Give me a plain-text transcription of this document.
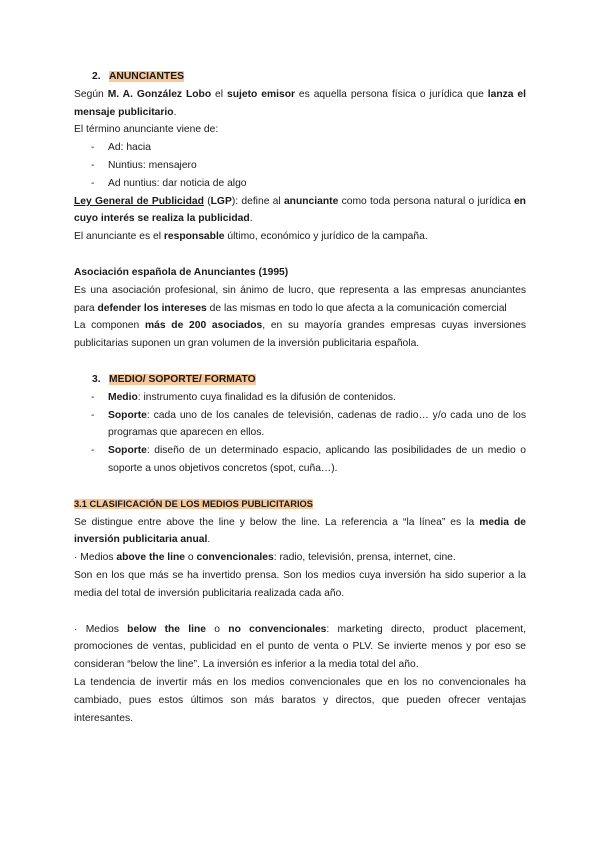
2. ANUNCIANTES

Según M. A. González Lobo el sujeto emisor es aquella persona física o jurídica que lanza el mensaje publicitario.

El término anunciante viene de:

- Ad: hacia
- Nuntius: mensajero
- Ad nuntius: dar noticia de algo

Ley General de Publicidad (LGP): define al anunciante como toda persona natural o jurídica en cuyo interés se realiza la publicidad.

El anunciante es el responsable último, económico y jurídico de la campaña.

Asociación española de Anunciantes (1995)

Es una asociación profesional, sin ánimo de lucro, que representa a las empresas anunciantes para defender los intereses de las mismas en todo lo que afecta a la comunicación comercial

La componen más de 200 asociados, en su mayoría grandes empresas cuyas inversiones publicitarias suponen un gran volumen de la inversión publicitaria española.

3. MEDIO/ SOPORTE/ FORMATO

- Medio: instrumento cuya finalidad es la difusión de contenidos.
- Soporte: cada uno de los canales de televisión, cadenas de radio… y/o cada uno de los programas que aparecen en ellos.
- Soporte: diseño de un determinado espacio, aplicando las posibilidades de un medio o soporte a unos objetivos concretos (spot, cuña…).

3.1 CLASIFICACIÓN DE LOS MEDIOS PUBLICITARIOS

Se distingue entre above the line y below the line. La referencia a “la línea” es la media de inversión publicitaria anual.

· Medios above the line o convencionales: radio, televisión, prensa, internet, cine.

Son en los que más se ha invertido prensa. Son los medios cuya inversión ha sido superior a la media del total de inversión publicitaria realizada cada año.

· Medios below the line o no convencionales: marketing directo, product placement, promociones de ventas, publicidad en el punto de venta o PLV. Se invierte menos y por eso se consideran “below the line”. La inversión es inferior a la media total del año.

La tendencia de invertir más en los medios convencionales que en los no convencionales ha cambiado, pues estos últimos son más baratos y directos, que pueden ofrecer ventajas interesantes.
